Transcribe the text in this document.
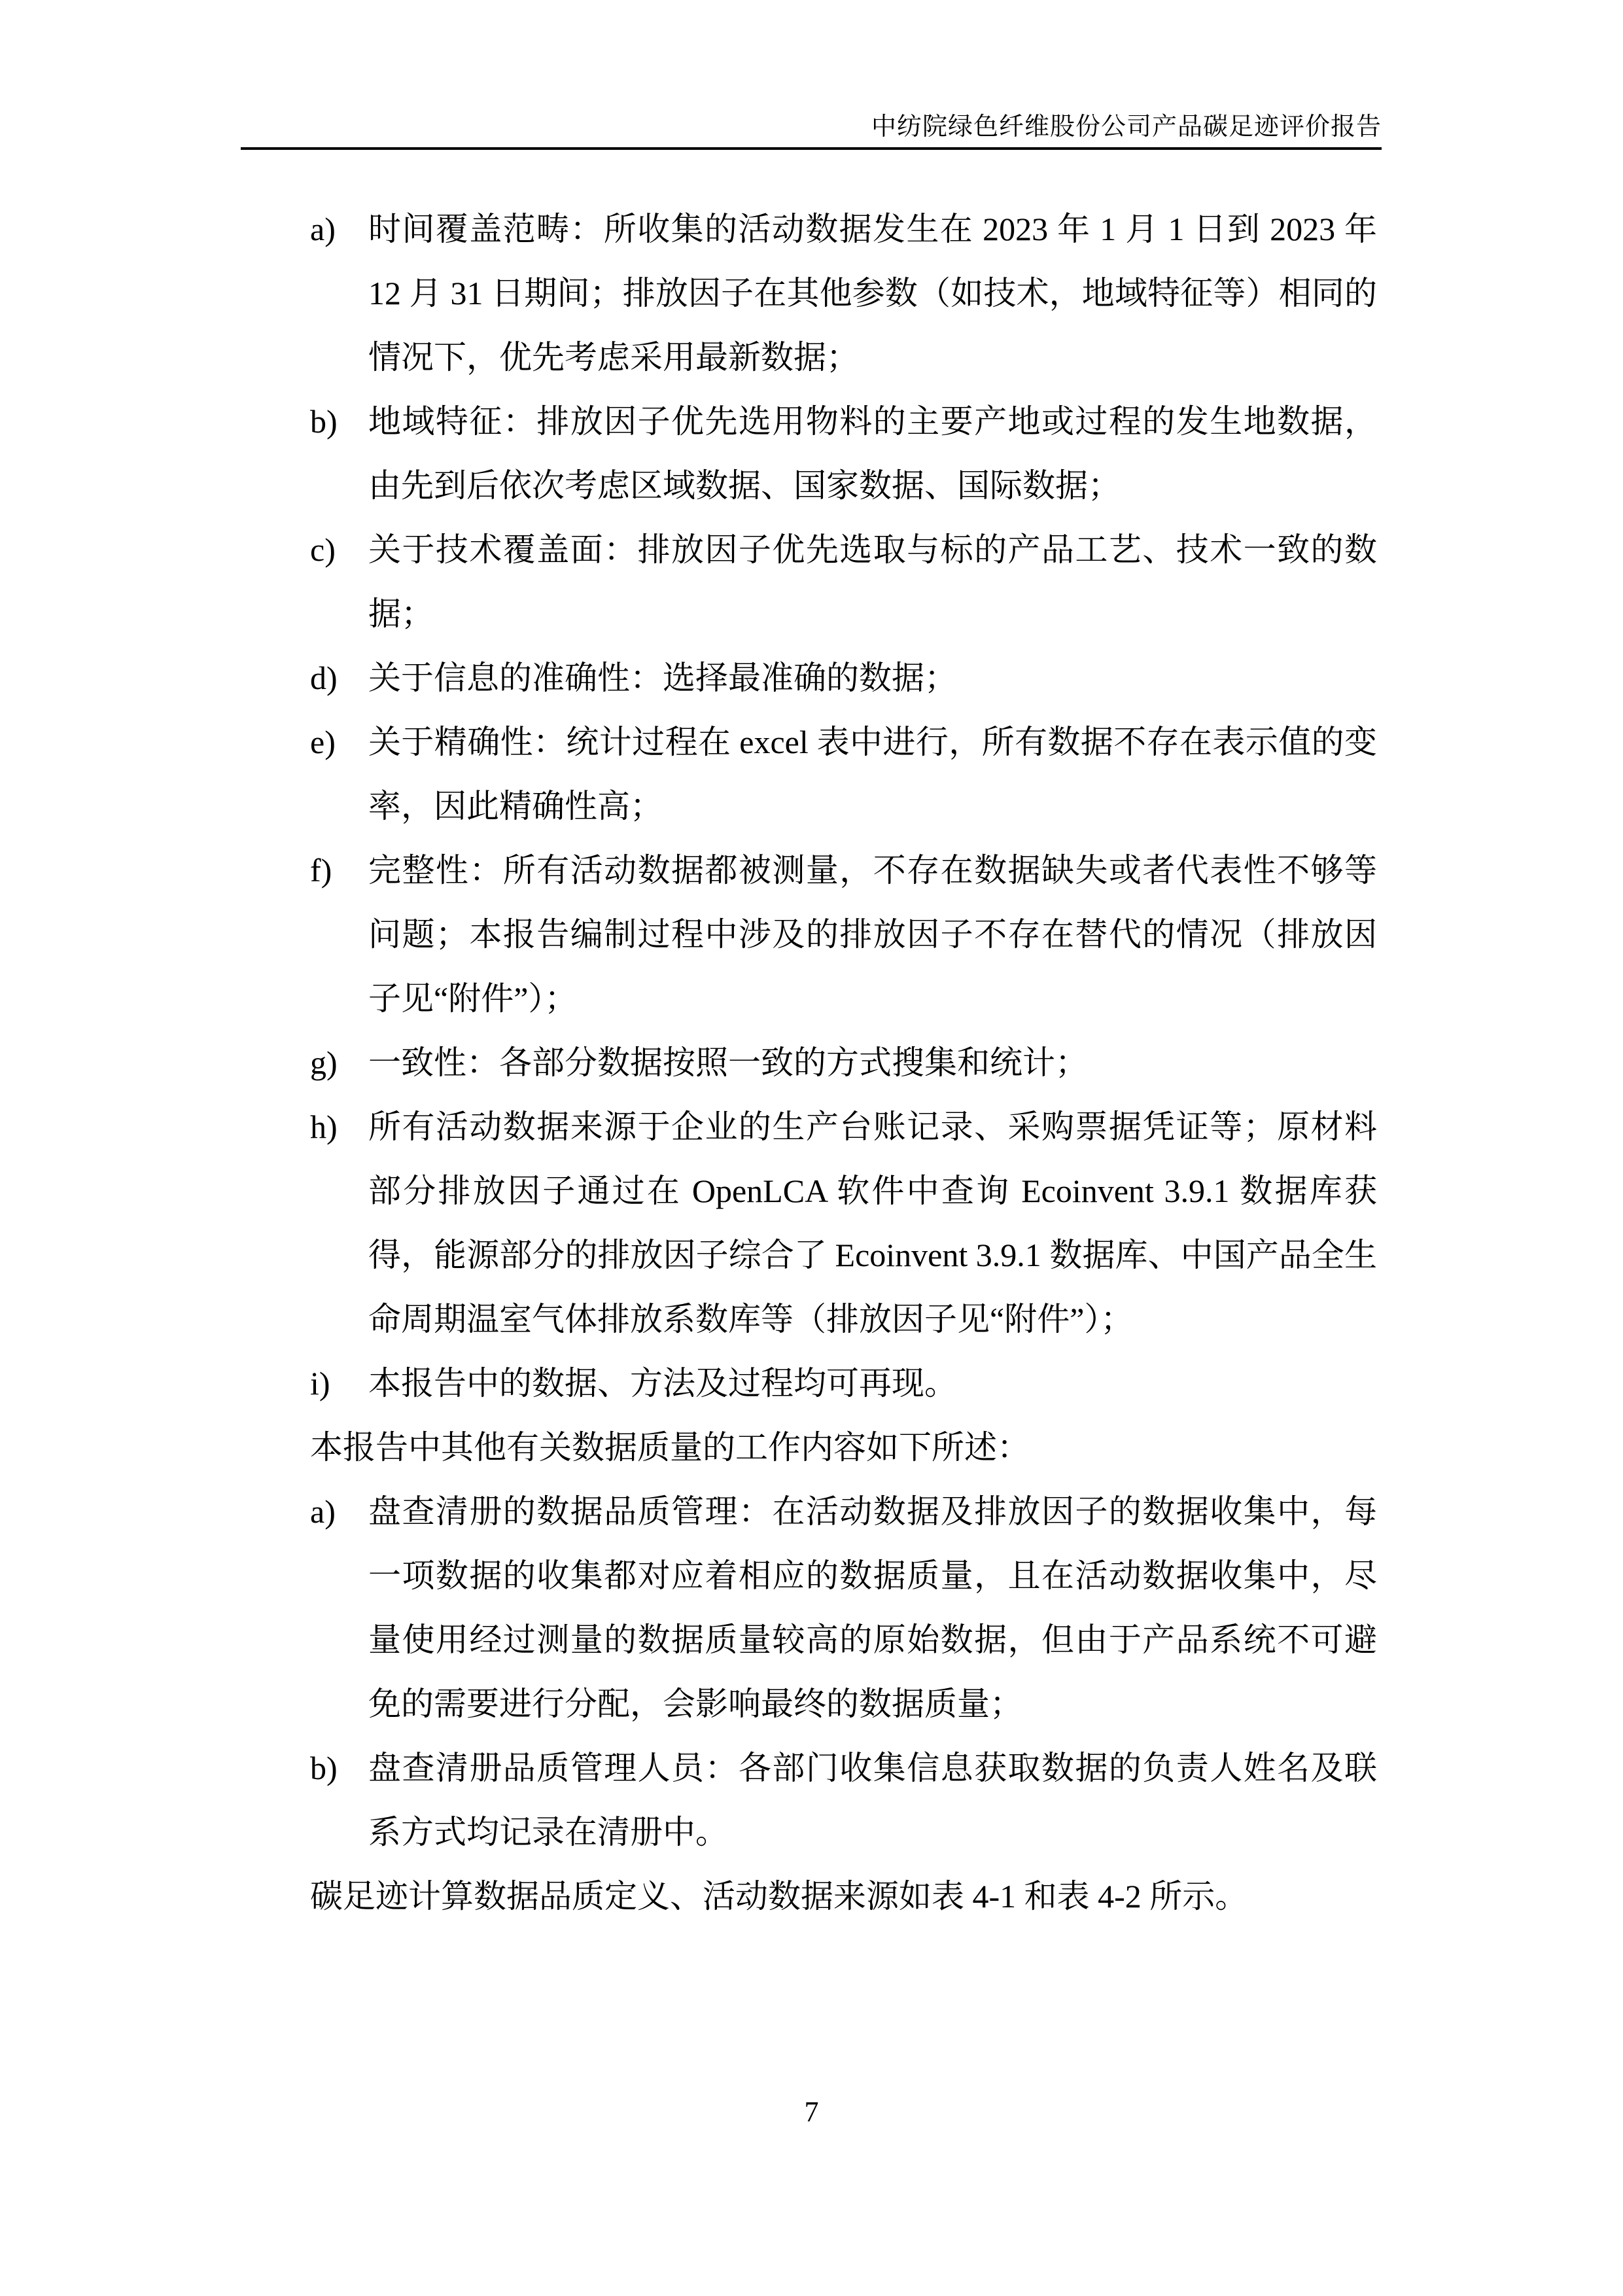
中纺院绿色纤维股份公司产品碳足迹评价报告
a)	时间覆盖范畴：所收集的活动数据发生在 2023 年 1 月 1 日到 2023 年 12 月 31 日期间；排放因子在其他参数（如技术，地域特征等）相同的情况下，优先考虑采用最新数据；
b) 地域特征：排放因子优先选用物料的主要产地或过程的发生地数据，由先到后依次考虑区域数据、国家数据、国际数据；
c)	关于技术覆盖面：排放因子优先选取与标的产品工艺、技术一致的数据；
d) 关于信息的准确性：选择最准确的数据；
e)	关于精确性：统计过程在 excel 表中进行，所有数据不存在表示值的变率，因此精确性高；
f)	完整性：所有活动数据都被测量，不存在数据缺失或者代表性不够等问题；本报告编制过程中涉及的排放因子不存在替代的情况（排放因子见“附件”）；
g) 一致性：各部分数据按照一致的方式搜集和统计；
h) 所有活动数据来源于企业的生产台账记录、采购票据凭证等；原材料部分排放因子通过在 OpenLCA 软件中查询 Ecoinvent 3.9.1 数据库获得，能源部分的排放因子综合了 Ecoinvent 3.9.1 数据库、中国产品全生命周期温室气体排放系数库等（排放因子见“附件”）；
i)	本报告中的数据、方法及过程均可再现。
本报告中其他有关数据质量的工作内容如下所述：
a)	盘查清册的数据品质管理：在活动数据及排放因子的数据收集中，每一项数据的收集都对应着相应的数据质量，且在活动数据收集中，尽量使用经过测量的数据质量较高的原始数据，但由于产品系统不可避免的需要进行分配，会影响最终的数据质量；
b) 盘查清册品质管理人员：各部门收集信息获取数据的负责人姓名及联系方式均记录在清册中。
碳足迹计算数据品质定义、活动数据来源如表 4-1 和表 4-2 所示。
7
